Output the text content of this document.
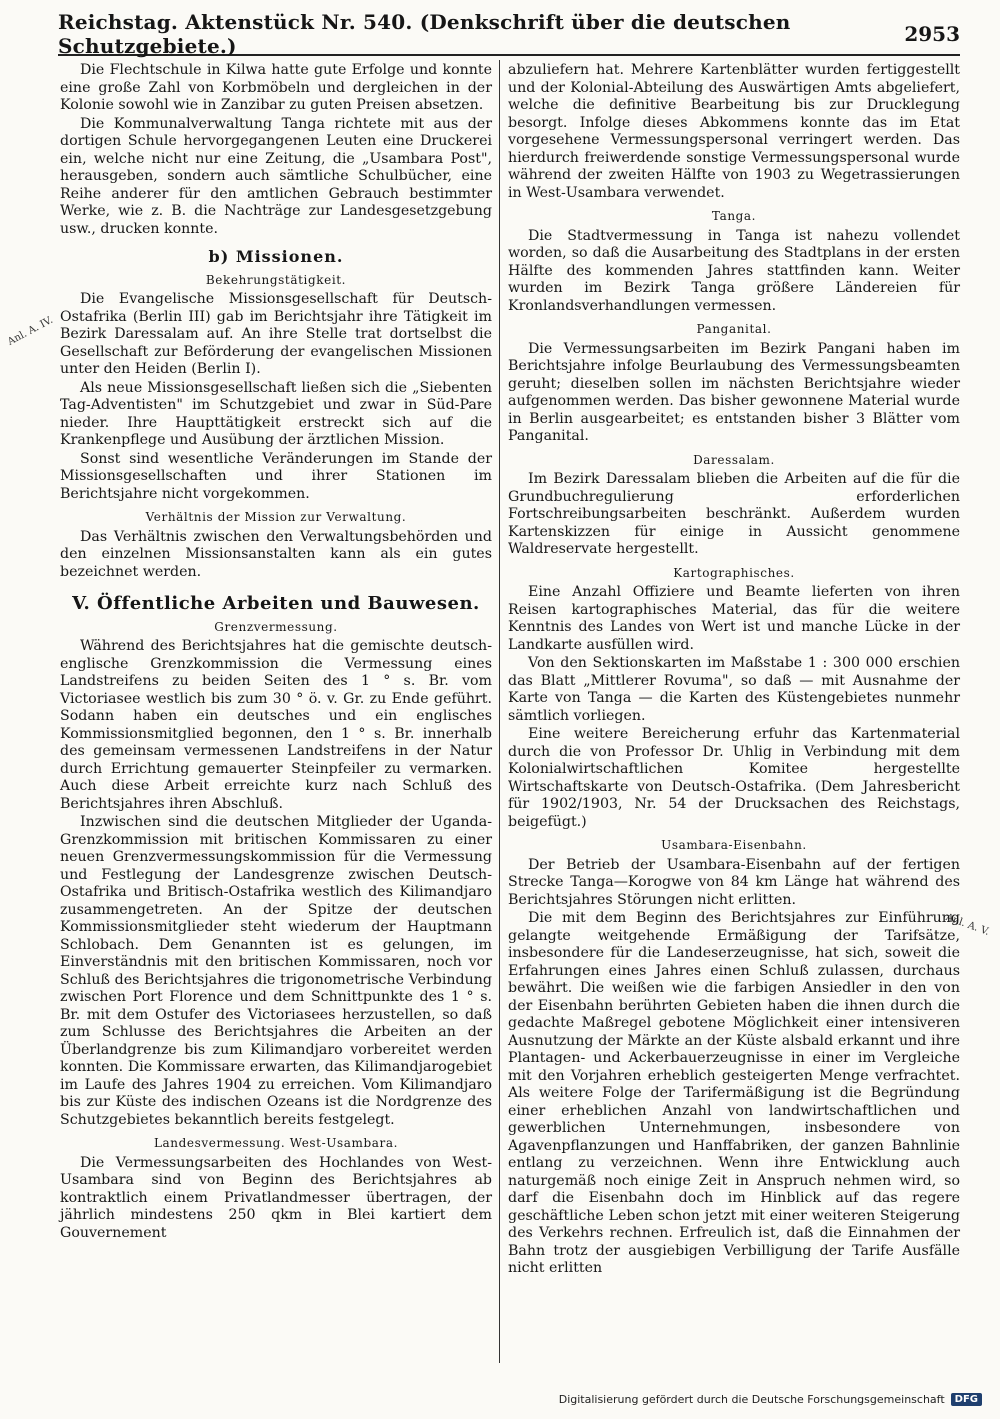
Reichstag. Aktenstück Nr. 540. (Denkschrift über die deutschen Schutzgebiete.)	2953
Anl. A. IV.
Anl. A. V.

Die Flechtschule in Kilwa hatte gute Erfolge und konnte eine große Zahl von Korbmöbeln und dergleichen in der Kolonie sowohl wie in Zanzibar zu guten Preisen absetzen.

Die Kommunalverwaltung Tanga richtete mit aus der dortigen Schule hervorgegangenen Leuten eine Druckerei ein, welche nicht nur eine Zeitung, die „Usambara Post", herausgeben, sondern auch sämtliche Schulbücher, eine Reihe anderer für den amtlichen Gebrauch bestimmter Werke, wie z. B. die Nachträge zur Landesgesetzgebung usw., drucken konnte.

b) Missionen.
Bekehrungstätigkeit.

Die Evangelische Missionsgesellschaft für Deutsch-Ostafrika (Berlin III) gab im Berichtsjahr ihre Tätigkeit im Bezirk Daressalam auf. An ihre Stelle trat dortselbst die Gesellschaft zur Beförderung der evangelischen Missionen unter den Heiden (Berlin I).

Als neue Missionsgesellschaft ließen sich die „Siebenten Tag-Adventisten" im Schutzgebiet und zwar in Süd-Pare nieder. Ihre Haupttätigkeit erstreckt sich auf die Krankenpflege und Ausübung der ärztlichen Mission.

Sonst sind wesentliche Veränderungen im Stande der Missionsgesellschaften und ihrer Stationen im Berichtsjahre nicht vorgekommen.

Verhältnis der Mission zur Verwaltung.

Das Verhältnis zwischen den Verwaltungsbehörden und den einzelnen Missionsanstalten kann als ein gutes bezeichnet werden.

V. Öffentliche Arbeiten und Bauwesen.
Grenzvermessung.

Während des Berichtsjahres hat die gemischte deutsch-englische Grenzkommission die Vermessung eines Landstreifens zu beiden Seiten des 1 ° s. Br. vom Victoriasee westlich bis zum 30 ° ö. v. Gr. zu Ende geführt. Sodann haben ein deutsches und ein englisches Kommissionsmitglied begonnen, den 1 ° s. Br. innerhalb des gemeinsam vermessenen Landstreifens in der Natur durch Errichtung gemauerter Steinpfeiler zu vermarken. Auch diese Arbeit erreichte kurz nach Schluß des Berichtsjahres ihren Abschluß.

Inzwischen sind die deutschen Mitglieder der Uganda-Grenzkommission mit britischen Kommissaren zu einer neuen Grenzvermessungskommission für die Vermessung und Festlegung der Landesgrenze zwischen Deutsch-Ostafrika und Britisch-Ostafrika westlich des Kilimandjaro zusammengetreten. An der Spitze der deutschen Kommissionsmitglieder steht wiederum der Hauptmann Schlobach. Dem Genannten ist es gelungen, im Einverständnis mit den britischen Kommissaren, noch vor Schluß des Berichtsjahres die trigonometrische Verbindung zwischen Port Florence und dem Schnittpunkte des 1 ° s. Br. mit dem Ostufer des Victoriasees herzustellen, so daß zum Schlusse des Berichtsjahres die Arbeiten an der Überlandgrenze bis zum Kilimandjaro vorbereitet werden konnten. Die Kommissare erwarten, das Kilimandjarogebiet im Laufe des Jahres 1904 zu erreichen. Vom Kilimandjaro bis zur Küste des indischen Ozeans ist die Nordgrenze des Schutzgebietes bekanntlich bereits festgelegt.

Landesvermessung. West-Usambara.

Die Vermessungsarbeiten des Hochlandes von West-Usambara sind von Beginn des Berichtsjahres ab kontraktlich einem Privatlandmesser übertragen, der jährlich mindestens 250 qkm in Blei kartiert dem Gouvernement

abzuliefern hat. Mehrere Kartenblätter wurden fertiggestellt und der Kolonial-Abteilung des Auswärtigen Amts abgeliefert, welche die definitive Bearbeitung bis zur Drucklegung besorgt. Infolge dieses Abkommens konnte das im Etat vorgesehene Vermessungspersonal verringert werden. Das hierdurch freiwerdende sonstige Vermessungspersonal wurde während der zweiten Hälfte von 1903 zu Wegetrassierungen in West-Usambara verwendet.

Tanga.

Die Stadtvermessung in Tanga ist nahezu vollendet worden, so daß die Ausarbeitung des Stadtplans in der ersten Hälfte des kommenden Jahres stattfinden kann. Weiter wurden im Bezirk Tanga größere Ländereien für Kronlandsverhandlungen vermessen.

Panganital.

Die Vermessungsarbeiten im Bezirk Pangani haben im Berichtsjahre infolge Beurlaubung des Vermessungsbeamten geruht; dieselben sollen im nächsten Berichtsjahre wieder aufgenommen werden. Das bisher gewonnene Material wurde in Berlin ausgearbeitet; es entstanden bisher 3 Blätter vom Panganital.

Daressalam.

Im Bezirk Daressalam blieben die Arbeiten auf die für die Grundbuchregulierung erforderlichen Fortschreibungsarbeiten beschränkt. Außerdem wurden Kartenskizzen für einige in Aussicht genommene Waldreservate hergestellt.

Kartographisches.

Eine Anzahl Offiziere und Beamte lieferten von ihren Reisen kartographisches Material, das für die weitere Kenntnis des Landes von Wert ist und manche Lücke in der Landkarte ausfüllen wird.

Von den Sektionskarten im Maßstabe 1 : 300 000 erschien das Blatt „Mittlerer Rovuma", so daß — mit Ausnahme der Karte von Tanga — die Karten des Küstengebietes nunmehr sämtlich vorliegen.

Eine weitere Bereicherung erfuhr das Kartenmaterial durch die von Professor Dr. Uhlig in Verbindung mit dem Kolonialwirtschaftlichen Komitee hergestellte Wirtschaftskarte von Deutsch-Ostafrika. (Dem Jahresbericht für 1902/1903, Nr. 54 der Drucksachen des Reichstags, beigefügt.)

Usambara-Eisenbahn.

Der Betrieb der Usambara-Eisenbahn auf der fertigen Strecke Tanga—Korogwe von 84 km Länge hat während des Berichtsjahres Störungen nicht erlitten.

Die mit dem Beginn des Berichtsjahres zur Einführung gelangte weitgehende Ermäßigung der Tarifsätze, insbesondere für die Landeserzeugnisse, hat sich, soweit die Erfahrungen eines Jahres einen Schluß zulassen, durchaus bewährt. Die weißen wie die farbigen Ansiedler in den von der Eisenbahn berührten Gebieten haben die ihnen durch die gedachte Maßregel gebotene Möglichkeit einer intensiveren Ausnutzung der Märkte an der Küste alsbald erkannt und ihre Plantagen- und Ackerbauerzeugnisse in einer im Vergleiche mit den Vorjahren erheblich gesteigerten Menge verfrachtet. Als weitere Folge der Tarifermäßigung ist die Begründung einer erheblichen Anzahl von landwirtschaftlichen und gewerblichen Unternehmungen, insbesondere von Agavenpflanzungen und Hanffabriken, der ganzen Bahnlinie entlang zu verzeichnen. Wenn ihre Entwicklung auch naturgemäß noch einige Zeit in Anspruch nehmen wird, so darf die Eisenbahn doch im Hinblick auf das regere geschäftliche Leben schon jetzt mit einer weiteren Steigerung des Verkehrs rechnen. Erfreulich ist, daß die Einnahmen der Bahn trotz der ausgiebigen Verbilligung der Tarife Ausfälle nicht erlitten

Digitalisierung gefördert durch die Deutsche Forschungsgemeinschaft	DFG
